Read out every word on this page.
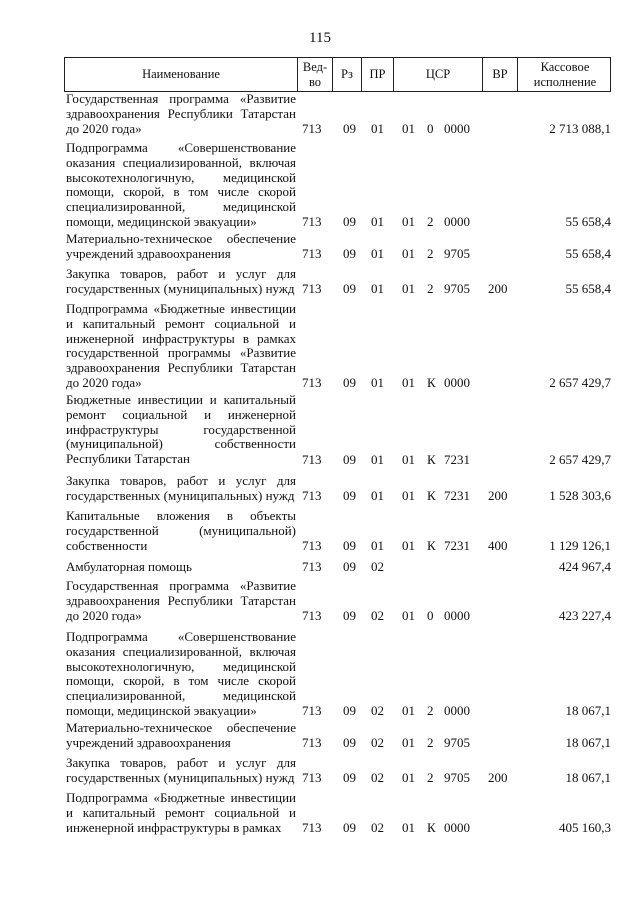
115
Наименование
Вед-
во
Рз	ПР	ЦСР	ВР
Кассовое
исполнение
Государственная программа «Развитие здравоохранения Республики Татарстан до 2020 года»	713 09 01 01 0 0000	2 713 088,1
Подпрограмма «Совершенствование оказания специализированной, включая высокотехнологичную, медицинской помощи, скорой, в том числе скорой специализированной, медицинской помощи, медицинской эвакуации»	713 09 01 01 2 0000	55 658,4
Материально-техническое обеспечение учреждений здравоохранения	713 09 01 01 2 9705	55 658,4
Закупка товаров, работ и услуг для государственных (муниципальных) нужд 713 09 01 01 2 9705 200	55 658,4
Подпрограмма «Бюджетные инвестиции и капитальный ремонт социальной и инженерной инфраструктуры в рамках государственной программы «Развитие здравоохранения Республики Татарстан до 2020 года»	713 09 01 01 К 0000	2 657 429,7
Бюджетные инвестиции и капитальный ремонт социальной и инженерной инфраструктуры государственной (муниципальной) собственности Республики Татарстан	713 09 01 01 К 7231	2 657 429,7
Закупка товаров, работ и услуг для государственных (муниципальных) нужд 713 09 01 01 К 7231 200	1 528 303,6
Капитальные вложения в объекты государственной (муниципальной) собственности	713 09 01 01 К 7231 400	1 129 126,1
Амбулаторная помощь	713 09 02	424 967,4
Государственная программа «Развитие здравоохранения Республики Татарстан до 2020 года»	713 09 02 01 0 0000	423 227,4
Подпрограмма «Совершенствование оказания специализированной, включая высокотехнологичную, медицинской помощи, скорой, в том числе скорой специализированной, медицинской помощи, медицинской эвакуации»	713 09 02 01 2 0000	18 067,1
Материально-техническое обеспечение учреждений здравоохранения	713 09 02 01 2 9705	18 067,1
Закупка товаров, работ и услуг для государственных (муниципальных) нужд 713 09 02 01 2 9705 200	18 067,1
Подпрограмма «Бюджетные инвестиции и капитальный ремонт социальной и инженерной инфраструктуры в рамках	713 09 02 01 К 0000	405 160,3
